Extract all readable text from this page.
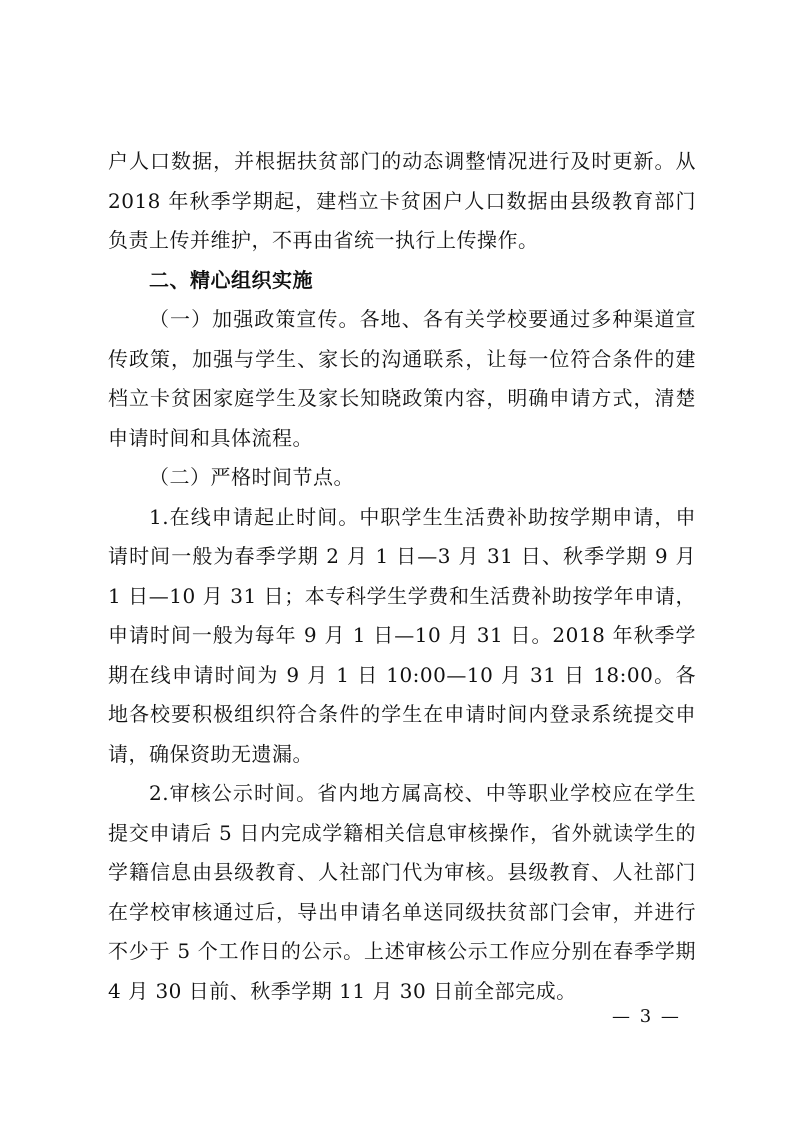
户人口数据，并根据扶贫部门的动态调整情况进行及时更新。从 2018 年秋季学期起，建档立卡贫困户人口数据由县级教育部门负责上传并维护，不再由省统一执行上传操作。

二、精心组织实施

（一）加强政策宣传。各地、各有关学校要通过多种渠道宣传政策，加强与学生、家长的沟通联系，让每一位符合条件的建档立卡贫困家庭学生及家长知晓政策内容，明确申请方式，清楚申请时间和具体流程。

（二）严格时间节点。

1.在线申请起止时间。中职学生生活费补助按学期申请，申请时间一般为春季学期 2 月 1 日—3 月 31 日、秋季学期 9 月 1 日—10 月 31 日；本专科学生学费和生活费补助按学年申请，申请时间一般为每年 9 月 1 日—10 月 31 日。2018 年秋季学期在线申请时间为 9 月 1 日 10:00—10 月 31 日 18:00。各地各校要积极组织符合条件的学生在申请时间内登录系统提交申请，确保资助无遗漏。

2.审核公示时间。省内地方属高校、中等职业学校应在学生提交申请后 5 日内完成学籍相关信息审核操作，省外就读学生的学籍信息由县级教育、人社部门代为审核。县级教育、人社部门在学校审核通过后，导出申请名单送同级扶贫部门会审，并进行不少于 5 个工作日的公示。上述审核公示工作应分别在春季学期 4 月 30 日前、秋季学期 11 月 30 日前全部完成。

— 3 —
